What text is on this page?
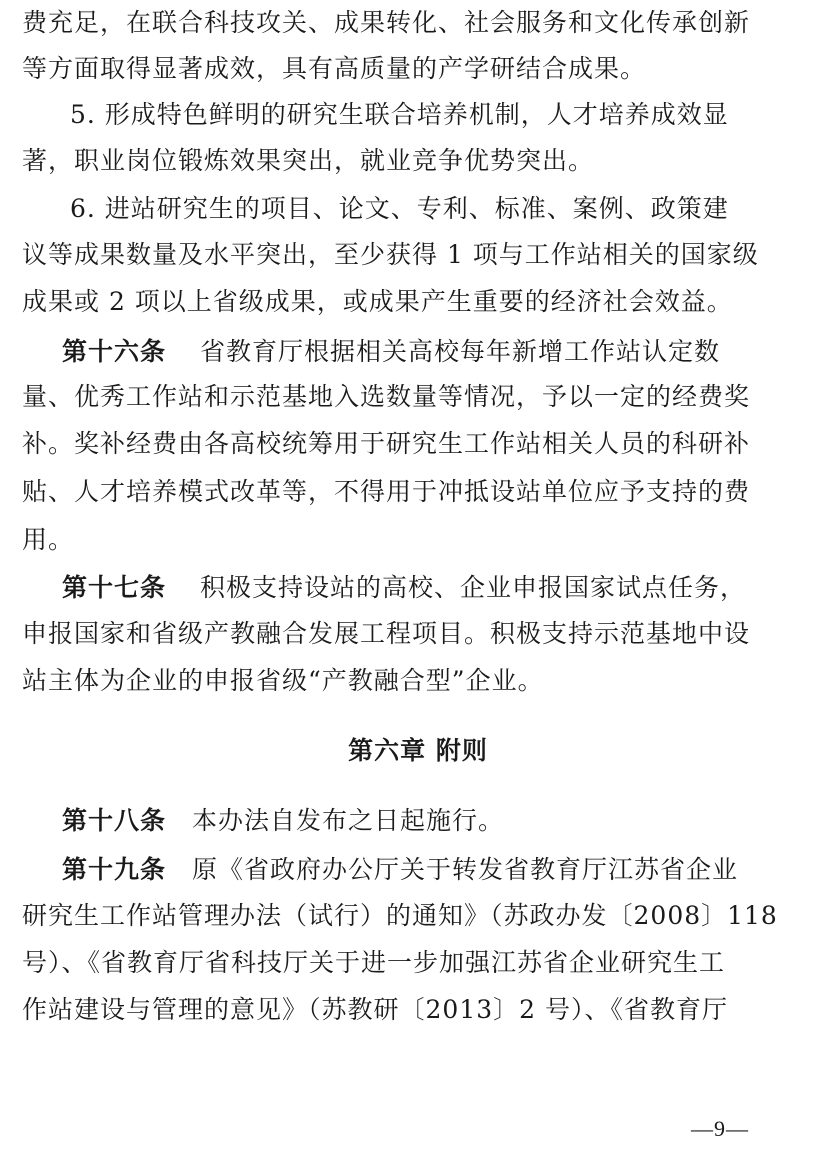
费充足，在联合科技攻关、成果转化、社会服务和文化传承创新
等方面取得显著成效，具有高质量的产学研结合成果。
5. 形成特色鲜明的研究生联合培养机制，人才培养成效显
著，职业岗位锻炼效果突出，就业竞争优势突出。
6. 进站研究生的项目、论文、专利、标准、案例、政策建
议等成果数量及水平突出，至少获得 1 项与工作站相关的国家级
成果或 2 项以上省级成果，或成果产生重要的经济社会效益。
第十六条 省教育厅根据相关高校每年新增工作站认定数
量、优秀工作站和示范基地入选数量等情况，予以一定的经费奖
补。奖补经费由各高校统筹用于研究生工作站相关人员的科研补
贴、人才培养模式改革等，不得用于冲抵设站单位应予支持的费
用。
第十七条 积极支持设站的高校、企业申报国家试点任务，
申报国家和省级产教融合发展工程项目。积极支持示范基地中设
站主体为企业的申报省级“产教融合型”企业。
第六章 附则
第十八条 本办法自发布之日起施行。
第十九条 原《省政府办公厅关于转发省教育厅江苏省企业
研究生工作站管理办法（试行）的通知》（苏政办发〔2008〕118
号）、《省教育厅省科技厅关于进一步加强江苏省企业研究生工
作站建设与管理的意见》（苏教研〔2013〕2 号）、《省教育厅
—9—
